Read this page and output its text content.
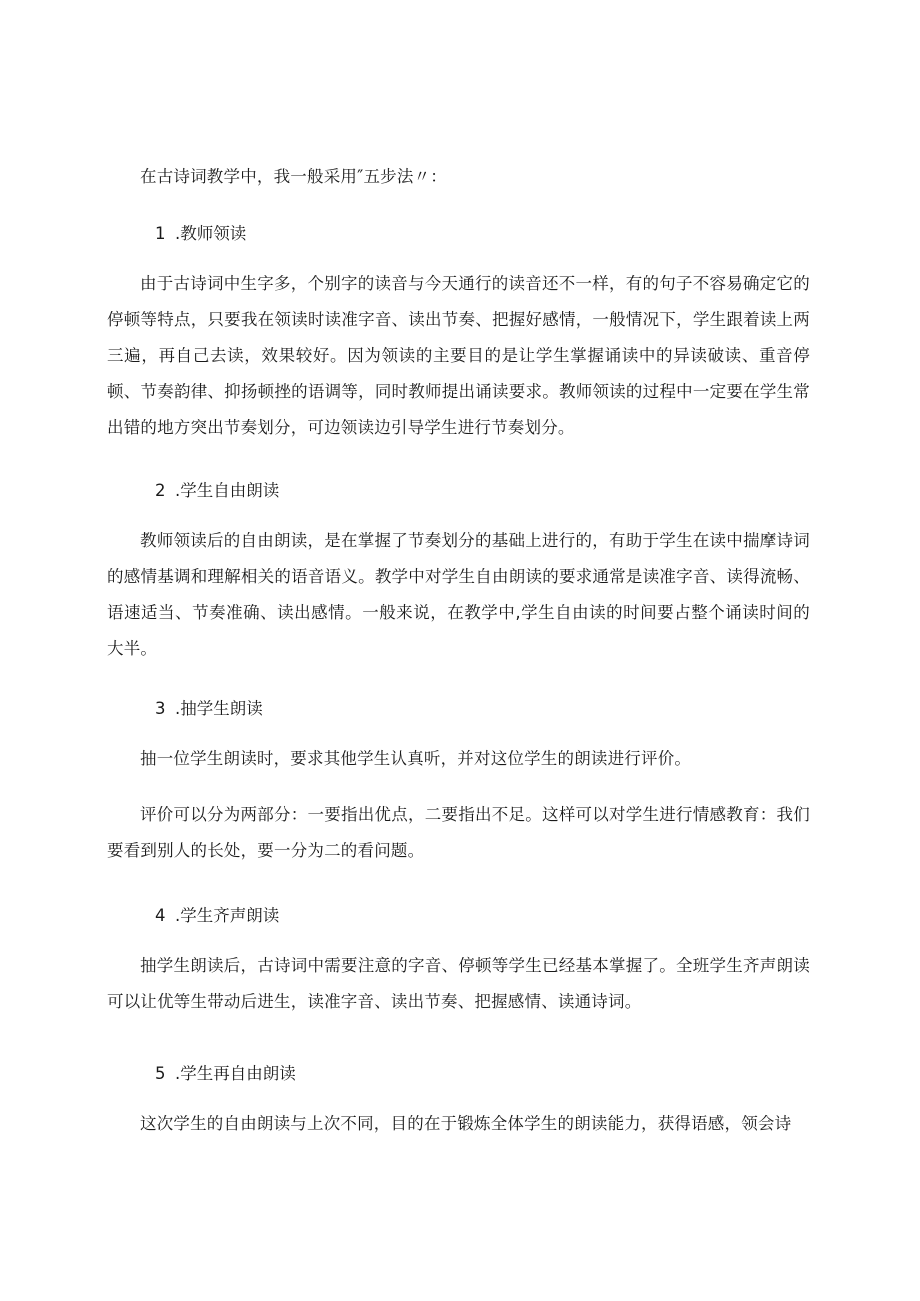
在古诗词教学中，我一般采用″五步法〃：

1 .教师领读

由于古诗词中生字多，个别字的读音与今天通行的读音还不一样，有的句子不容易确定它的停顿等特点，只要我在领读时读准字音、读出节奏、把握好感情，一般情况下，学生跟着读上两三遍，再自己去读，效果较好。因为领读的主要目的是让学生掌握诵读中的异读破读、重音停顿、节奏韵律、抑扬顿挫的语调等，同时教师提出诵读要求。教师领读的过程中一定要在学生常出错的地方突出节奏划分，可边领读边引导学生进行节奏划分。

2 .学生自由朗读

教师领读后的自由朗读，是在掌握了节奏划分的基础上进行的，有助于学生在读中揣摩诗词的感情基调和理解相关的语音语义。教学中对学生自由朗读的要求通常是读准字音、读得流畅、语速适当、节奏准确、读出感情。一般来说，在教学中,学生自由读的时间要占整个诵读时间的大半。

3 .抽学生朗读

抽一位学生朗读时，要求其他学生认真听，并对这位学生的朗读进行评价。

评价可以分为两部分：一要指出优点，二要指出不足。这样可以对学生进行情感教育：我们要看到别人的长处，要一分为二的看问题。

4 .学生齐声朗读

抽学生朗读后，古诗词中需要注意的字音、停顿等学生已经基本掌握了。全班学生齐声朗读可以让优等生带动后进生，读准字音、读出节奏、把握感情、读通诗词。

5 .学生再自由朗读

这次学生的自由朗读与上次不同，目的在于锻炼全体学生的朗读能力，获得语感，领会诗
